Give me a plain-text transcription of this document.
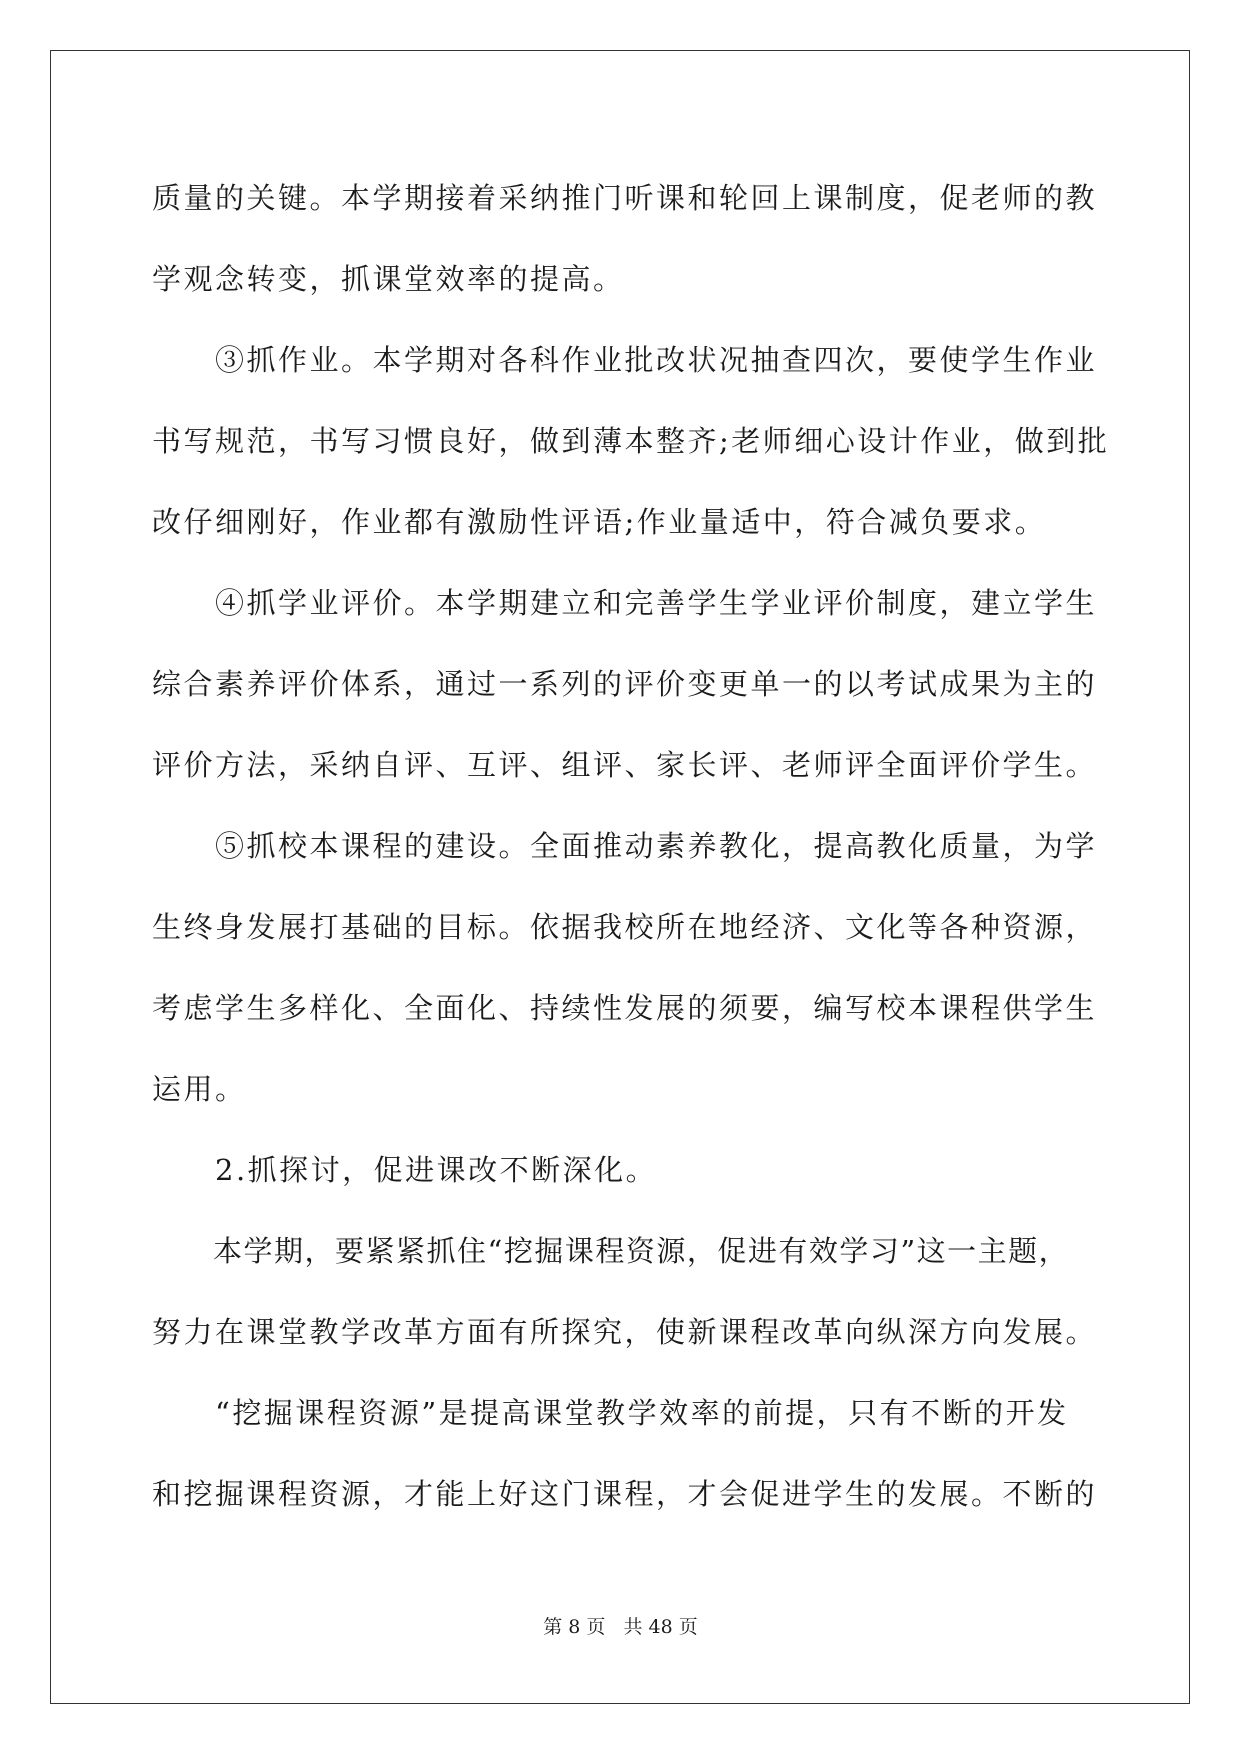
质量的关键。本学期接着采纳推门听课和轮回上课制度，促老师的教
学观念转变，抓课堂效率的提高。
　　③抓作业。本学期对各科作业批改状况抽查四次，要使学生作业
书写规范，书写习惯良好，做到薄本整齐;老师细心设计作业，做到批
改仔细刚好，作业都有激励性评语;作业量适中，符合减负要求。
　　④抓学业评价。本学期建立和完善学生学业评价制度，建立学生
综合素养评价体系，通过一系列的评价变更单一的以考试成果为主的
评价方法，采纳自评、互评、组评、家长评、老师评全面评价学生。
　　⑤抓校本课程的建设。全面推动素养教化，提高教化质量，为学
生终身发展打基础的目标。依据我校所在地经济、文化等各种资源，
考虑学生多样化、全面化、持续性发展的须要，编写校本课程供学生
运用。
　　2.抓探讨，促进课改不断深化。
　　本学期，要紧紧抓住“挖掘课程资源，促进有效学习”这一主题，
努力在课堂教学改革方面有所探究，使新课程改革向纵深方向发展。
　　“挖掘课程资源”是提高课堂教学效率的前提，只有不断的开发
和挖掘课程资源，才能上好这门课程，才会促进学生的发展。不断的
第 8 页 共 48 页
